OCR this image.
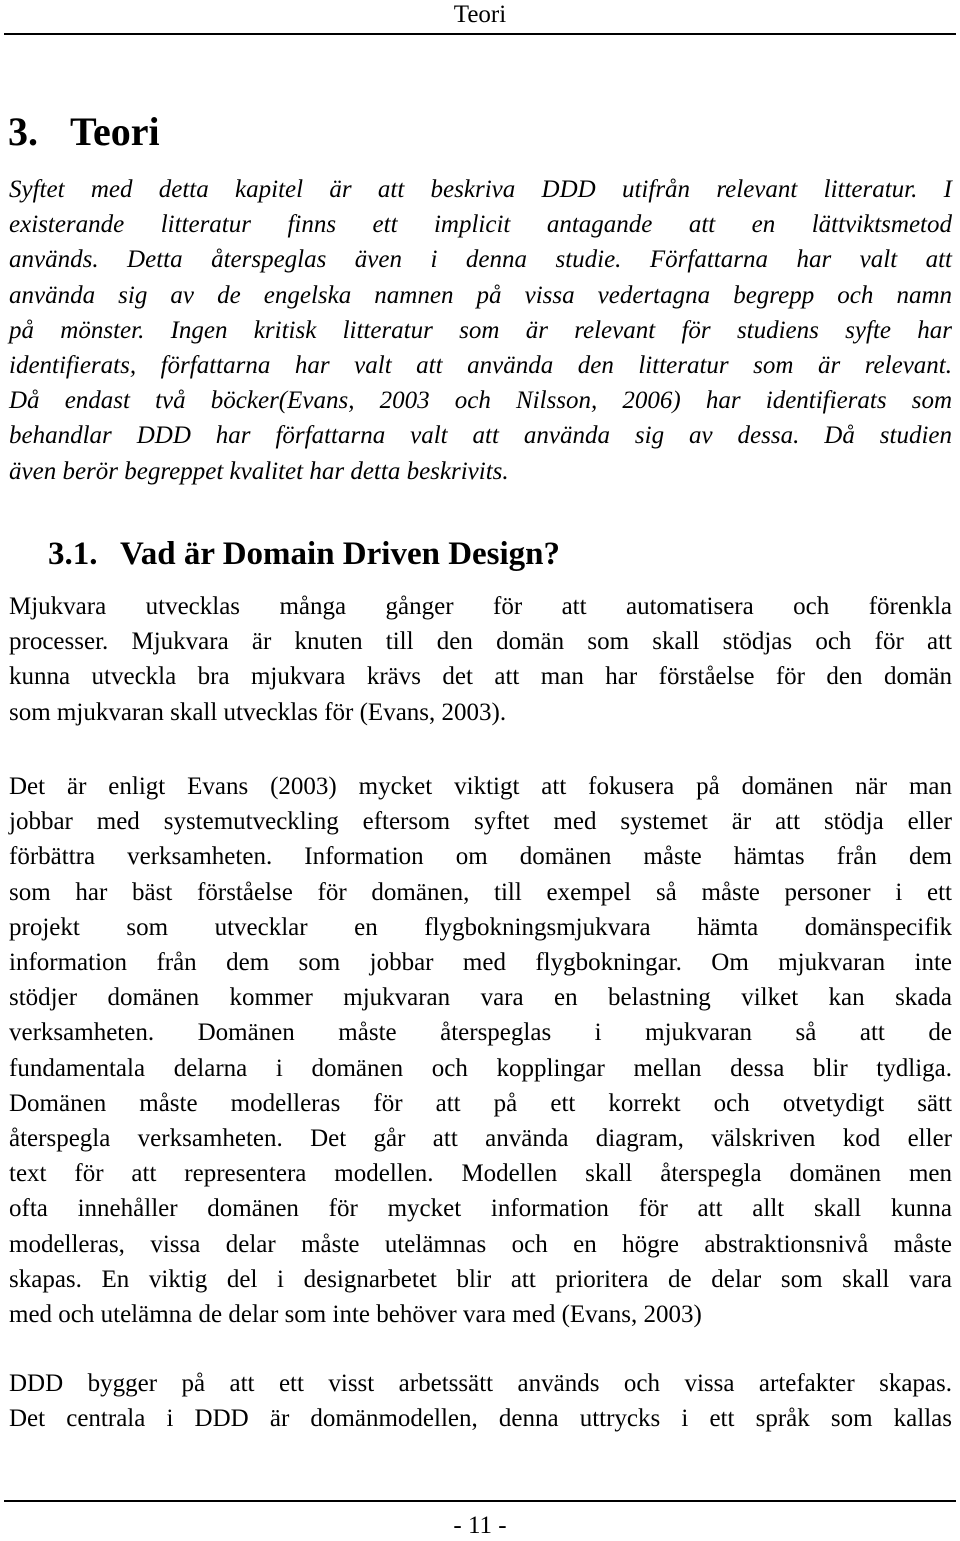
Teori
3. Teori
Syftet med detta kapitel är att beskriva DDD utifrån relevant litteratur. I
existerande litteratur finns ett implicit antagande att en lättviktsmetod
används. Detta återspeglas även i denna studie. Författarna har valt att
använda sig av de engelska namnen på vissa vedertagna begrepp och namn
på mönster. Ingen kritisk litteratur som är relevant för studiens syfte har
identifierats, författarna har valt att använda den litteratur som är relevant.
Då endast två böcker(Evans, 2003 och Nilsson, 2006) har identifierats som
behandlar DDD har författarna valt att använda sig av dessa. Då studien
även berör begreppet kvalitet har detta beskrivits.
3.1. Vad är Domain Driven Design?
Mjukvara utvecklas många gånger för att automatisera och förenkla
processer. Mjukvara är knuten till den domän som skall stödjas och för att
kunna utveckla bra mjukvara krävs det att man har förståelse för den domän
som mjukvaran skall utvecklas för (Evans, 2003).
Det är enligt Evans (2003) mycket viktigt att fokusera på domänen när man
jobbar med systemutveckling eftersom syftet med systemet är att stödja eller
förbättra verksamheten. Information om domänen måste hämtas från dem
som har bäst förståelse för domänen, till exempel så måste personer i ett
projekt som utvecklar en flygbokningsmjukvara hämta domänspecifik
information från dem som jobbar med flygbokningar. Om mjukvaran inte
stödjer domänen kommer mjukvaran vara en belastning vilket kan skada
verksamheten. Domänen måste återspeglas i mjukvaran så att de
fundamentala delarna i domänen och kopplingar mellan dessa blir tydliga.
Domänen måste modelleras för att på ett korrekt och otvetydigt sätt
återspegla verksamheten. Det går att använda diagram, välskriven kod eller
text för att representera modellen. Modellen skall återspegla domänen men
ofta innehåller domänen för mycket information för att allt skall kunna
modelleras, vissa delar måste utelämnas och en högre abstraktionsnivå måste
skapas. En viktig del i designarbetet blir att prioritera de delar som skall vara
med och utelämna de delar som inte behöver vara med (Evans, 2003)
DDD bygger på att ett visst arbetssätt används och vissa artefakter skapas.
Det centrala i DDD är domänmodellen, denna uttrycks i ett språk som kallas
- 11 -
